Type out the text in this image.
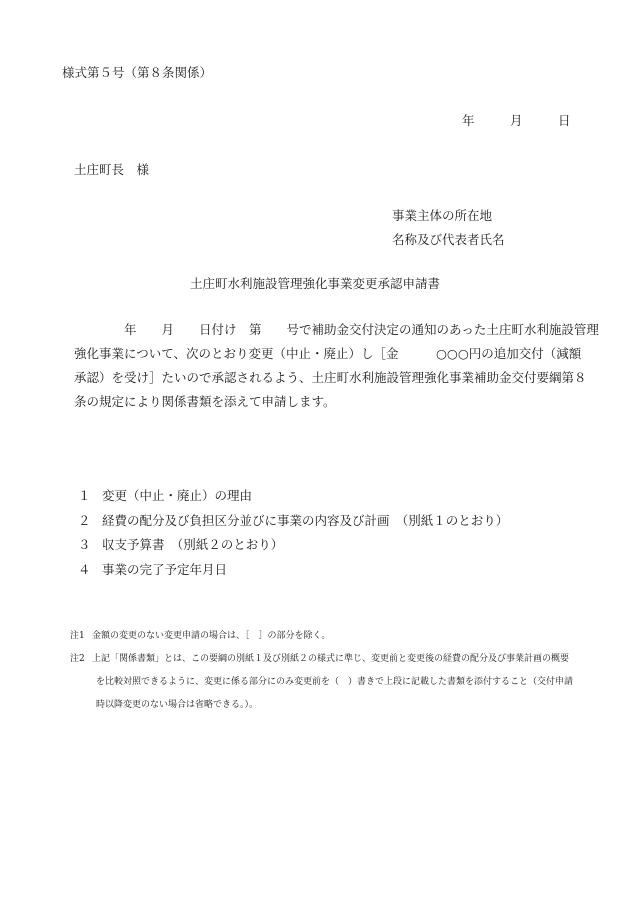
様式第５号（第８条関係）
年	月	日
土庄町長　様
事業主体の所在地
名称及び代表者氏名
土庄町水利施設管理強化事業変更承認申請書
　　　　年　　月　　日付け　第　　号で補助金交付決定の通知のあった土庄町水利施設管理
強化事業について、次のとおり変更（中止・廃止）し［金　　　○○○円の追加交付（減額
承認）を受け］たいので承認されるよう、土庄町水利施設管理強化事業補助金交付要綱第８
条の規定により関係書類を添えて申請します。
１ 変更（中止・廃止）の理由
２ 経費の配分及び負担区分並びに事業の内容及び計画　（別紙１のとおり）
３ 収支予算書　（別紙２のとおり）
４ 事業の完了予定年月日
注1 金額の変更のない変更申請の場合は、［　］の部分を除く。
注2 上記「関係書類」とは、この要綱の別紙１及び別紙２の様式に準じ、変更前と変更後の経費の配分及び事業計画の概要
を比較対照できるように、変更に係る部分にのみ変更前を（　）書きで上段に記載した書類を添付すること（交付申請
時以降変更のない場合は省略できる。）。
